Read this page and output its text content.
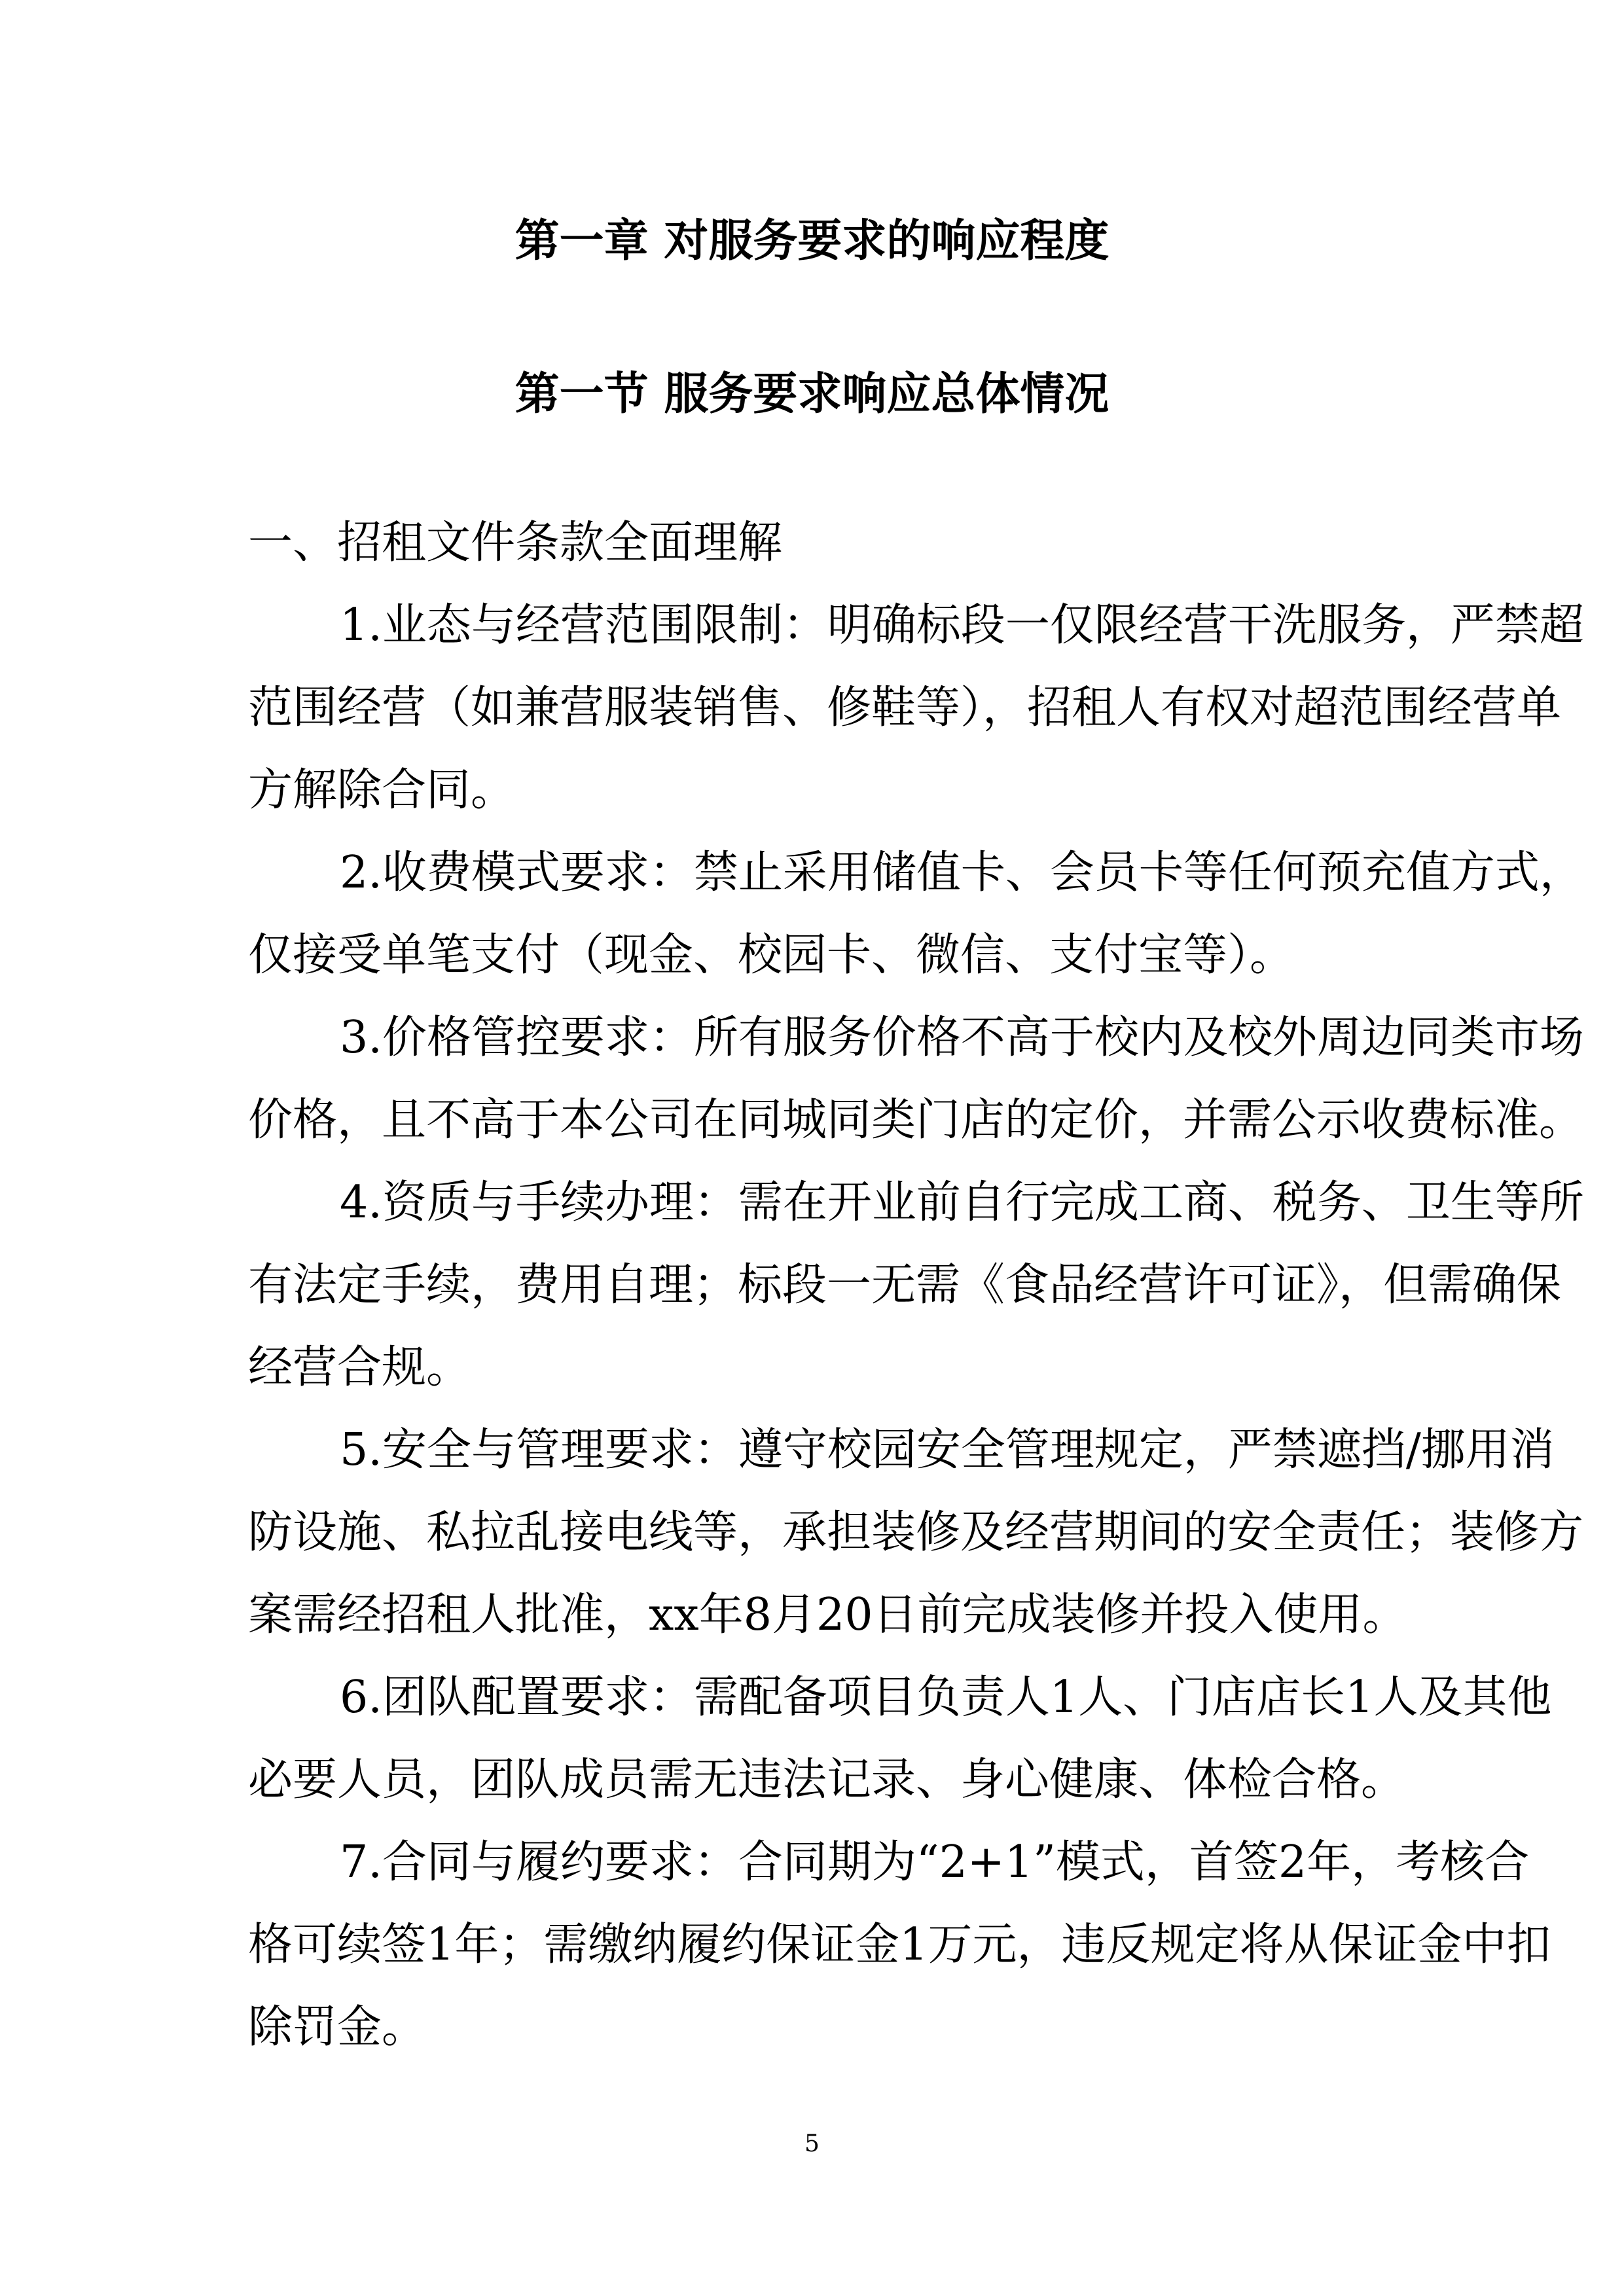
第一章 对服务要求的响应程度
第一节 服务要求响应总体情况
一、招租文件条款全面理解
1.业态与经营范围限制：明确标段一仅限经营干洗服务，严禁超
范围经营（如兼营服装销售、修鞋等），招租人有权对超范围经营单
方解除合同。
2.收费模式要求：禁止采用储值卡、会员卡等任何预充值方式，
仅接受单笔支付（现金、校园卡、微信、支付宝等）。
3.价格管控要求：所有服务价格不高于校内及校外周边同类市场
价格，且不高于本公司在同城同类门店的定价，并需公示收费标准。
4.资质与手续办理：需在开业前自行完成工商、税务、卫生等所
有法定手续，费用自理；标段一无需《食品经营许可证》，但需确保
经营合规。
5.安全与管理要求：遵守校园安全管理规定，严禁遮挡/挪用消
防设施、私拉乱接电线等，承担装修及经营期间的安全责任；装修方
案需经招租人批准，xx年8月20日前完成装修并投入使用。
6.团队配置要求：需配备项目负责人1人、门店店长1人及其他
必要人员，团队成员需无违法记录、身心健康、体检合格。
7.合同与履约要求：合同期为“2+1”模式，首签2年，考核合
格可续签1年；需缴纳履约保证金1万元，违反规定将从保证金中扣
除罚金。
5
